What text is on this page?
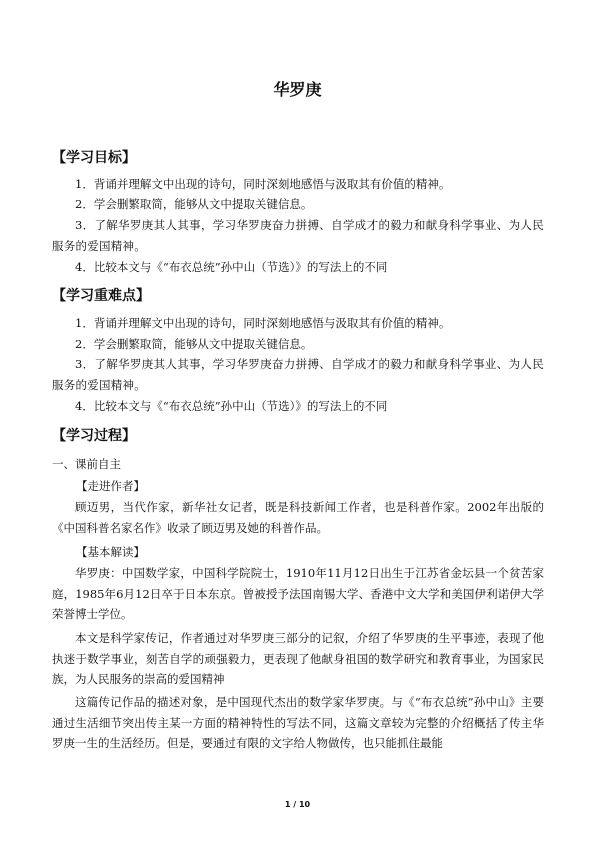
华罗庚
【学习目标】

1．背诵并理解文中出现的诗句，同时深刻地感悟与汲取其有价值的精神。

2．学会删繁取简，能够从文中提取关键信息。

3．了解华罗庚其人其事，学习华罗庚奋力拼搏、自学成才的毅力和献身科学事业、为人民服务的爱国精神。

4．比较本文与《“布衣总统”孙中山（节选）》的写法上的不同

【学习重难点】

1．背诵并理解文中出现的诗句，同时深刻地感悟与汲取其有价值的精神。

2．学会删繁取简，能够从文中提取关键信息。

3．了解华罗庚其人其事，学习华罗庚奋力拼搏、自学成才的毅力和献身科学事业、为人民服务的爱国精神。

4．比较本文与《“布衣总统”孙中山（节选）》的写法上的不同

【学习过程】
一、课前自主
【走进作者】

顾迈男，当代作家，新华社女记者，既是科技新闻工作者，也是科普作家。2002年出版的《中国科普名家名作》收录了顾迈男及她的科普作品。

【基本解读】

华罗庚：中国数学家，中国科学院院士，1910年11月12日出生于江苏省金坛县一个贫苦家庭，1985年6月12日卒于日本东京。曾被授予法国南锡大学、香港中文大学和美国伊利诺伊大学荣誉博士学位。

本文是科学家传记，作者通过对华罗庚三部分的记叙，介绍了华罗庚的生平事迹，表现了他执迷于数学事业，刻苦自学的顽强毅力，更表现了他献身祖国的数学研究和教育事业，为国家民族，为人民服务的崇高的爱国精神

这篇传记作品的描述对象，是中国现代杰出的数学家华罗庚。与《“布衣总统”孙中山》主要通过生活细节突出传主某一方面的精神特性的写法不同，这篇文章较为完整的介绍概括了传主华罗庚一生的生活经历。但是，要通过有限的文字给人物做传，也只能抓住最能

1 / 10
